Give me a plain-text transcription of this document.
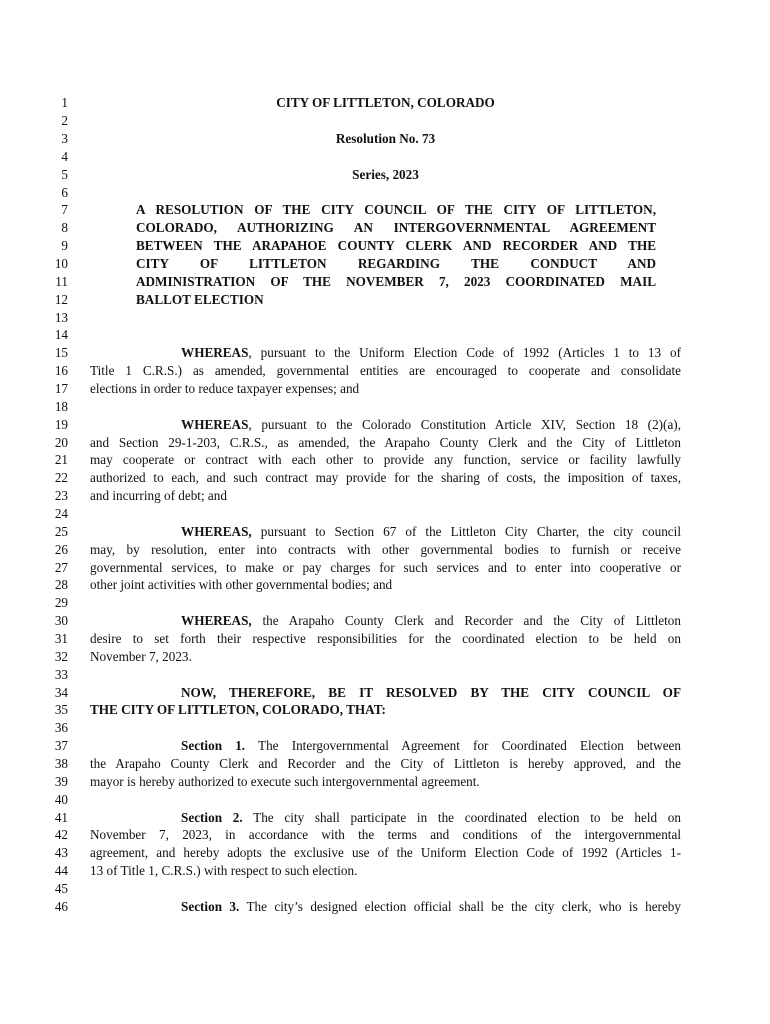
1
2
3
4
5
6
7
8
9
10
11
12
13
14
15
16
17
18
19
20
21
22
23
24
25
26
27
28
29
30
31
32
33
34
35
36
37
38
39
40
41
42
43
44
45
46
CITY OF LITTLETON, COLORADO
Resolution No. 73
Series, 2023
A RESOLUTION OF THE CITY COUNCIL OF THE CITY OF LITTLETON,
COLORADO, AUTHORIZING AN INTERGOVERNMENTAL AGREEMENT
BETWEEN THE ARAPAHOE COUNTY CLERK AND RECORDER AND THE
CITY OF LITTLETON REGARDING THE CONDUCT AND
ADMINISTRATION OF THE NOVEMBER 7, 2023 COORDINATED MAIL
BALLOT ELECTION
WHEREAS, pursuant to the Uniform Election Code of 1992 (Articles 1 to 13 of
Title 1 C.R.S.) as amended, governmental entities are encouraged to cooperate and consolidate
elections in order to reduce taxpayer expenses; and
WHEREAS, pursuant to the Colorado Constitution Article XIV, Section 18 (2)(a),
and Section 29-1-203, C.R.S., as amended, the Arapaho County Clerk and the City of Littleton
may cooperate or contract with each other to provide any function, service or facility lawfully
authorized to each, and such contract may provide for the sharing of costs, the imposition of taxes,
and incurring of debt; and
WHEREAS, pursuant to Section 67 of the Littleton City Charter, the city council
may, by resolution, enter into contracts with other governmental bodies to furnish or receive
governmental services, to make or pay charges for such services and to enter into cooperative or
other joint activities with other governmental bodies; and
WHEREAS, the Arapaho County Clerk and Recorder and the City of Littleton
desire to set forth their respective responsibilities for the coordinated election to be held on
November 7, 2023.
NOW, THEREFORE, BE IT RESOLVED BY THE CITY COUNCIL OF
THE CITY OF LITTLETON, COLORADO, THAT:
Section 1. The Intergovernmental Agreement for Coordinated Election between
the Arapaho County Clerk and Recorder and the City of Littleton is hereby approved, and the
mayor is hereby authorized to execute such intergovernmental agreement.
Section 2. The city shall participate in the coordinated election to be held on
November 7, 2023, in accordance with the terms and conditions of the intergovernmental
agreement, and hereby adopts the exclusive use of the Uniform Election Code of 1992 (Articles 1-
13 of Title 1, C.R.S.) with respect to such election.
Section 3. The city’s designed election official shall be the city clerk, who is hereby
